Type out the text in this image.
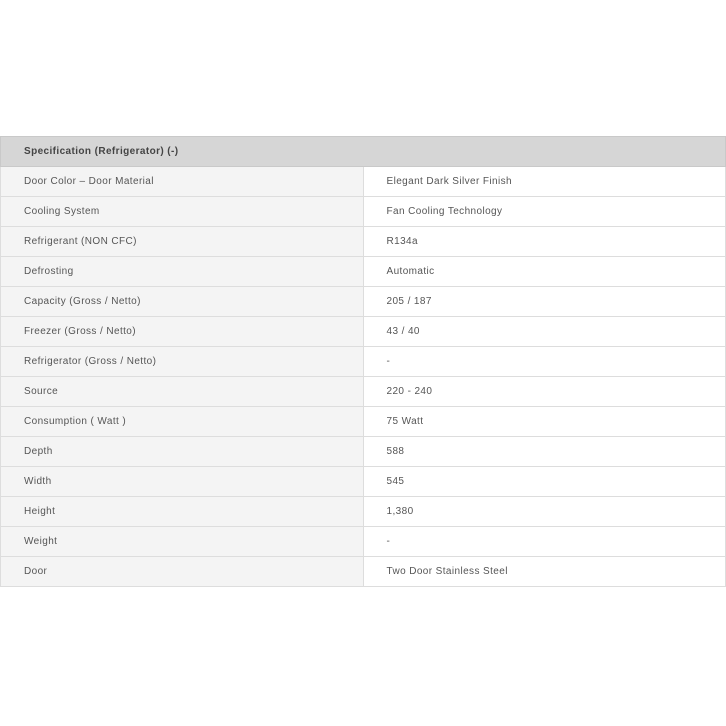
Specification (Refrigerator) (-)	
Door Color – Door Material	Elegant Dark Silver Finish
Cooling System	Fan Cooling Technology
Refrigerant (NON CFC)	R134a
Defrosting	Automatic
Capacity (Gross / Netto)	205 / 187
Freezer (Gross / Netto)	43 / 40
Refrigerator (Gross / Netto)	-
Source	220 - 240
Consumption ( Watt )	75 Watt
Depth	588
Width	545
Height	1,380
Weight	-
Door	Two Door Stainless Steel
